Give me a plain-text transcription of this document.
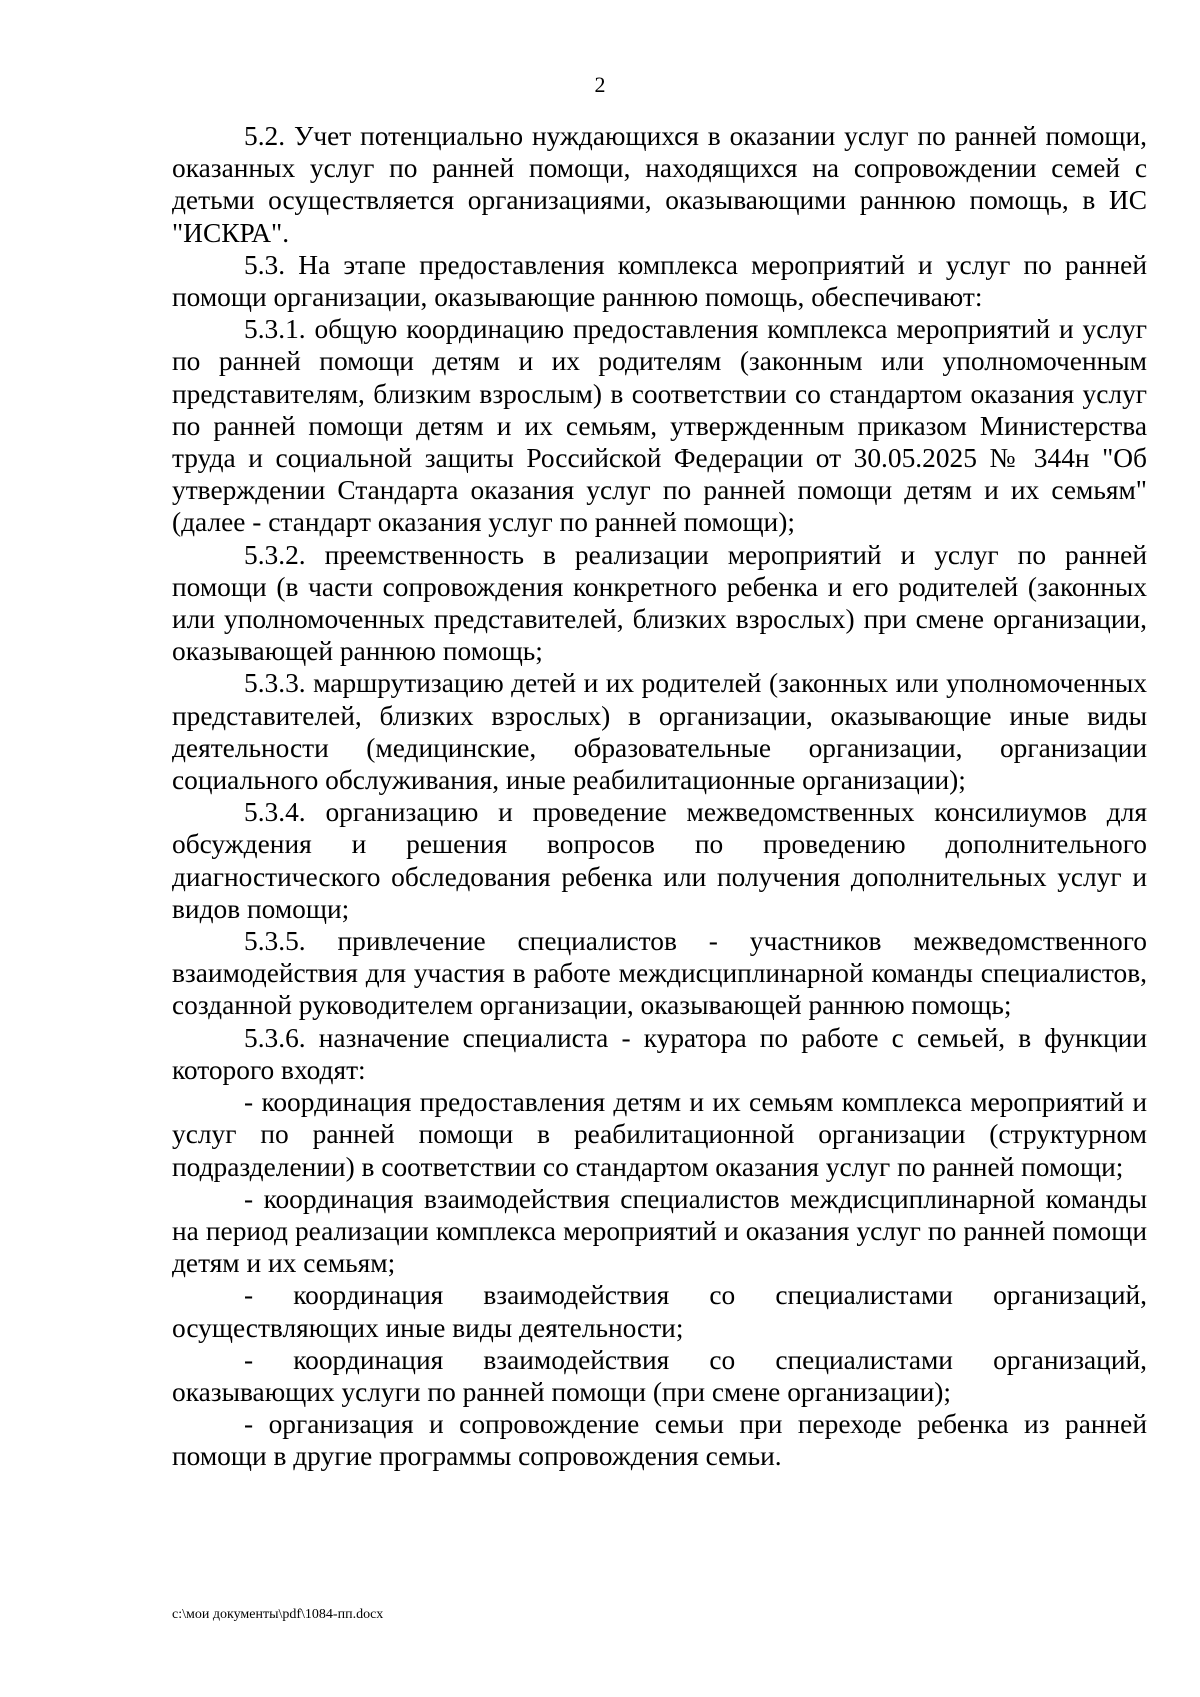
2

5.2. Учет потенциально нуждающихся в оказании услуг по ранней помощи, оказанных услуг по ранней помощи, находящихся на сопровождении семей с детьми осуществляется организациями, оказывающими раннюю помощь, в ИС "ИСКРА".

5.3. На этапе предоставления комплекса мероприятий и услуг по ранней помощи организации, оказывающие раннюю помощь, обеспечивают:

5.3.1. общую координацию предоставления комплекса мероприятий и услуг по ранней помощи детям и их родителям (законным или уполномоченным представителям, близким взрослым) в соответствии со стандартом оказания услуг по ранней помощи детям и их семьям, утвержденным приказом Министерства труда и социальной защиты Российской Федерации от 30.05.2025 № 344н "Об утверждении Стандарта оказания услуг по ранней помощи детям и их семьям" (далее - стандарт оказания услуг по ранней помощи);

5.3.2. преемственность в реализации мероприятий и услуг по ранней помощи (в части сопровождения конкретного ребенка и его родителей (законных или уполномоченных представителей, близких взрослых) при смене организации, оказывающей раннюю помощь;

5.3.3. маршрутизацию детей и их родителей (законных или уполномоченных представителей, близких взрослых) в организации, оказывающие иные виды деятельности (медицинские, образовательные организации, организации социального обслуживания, иные реабилитационные организации);

5.3.4. организацию и проведение межведомственных консилиумов для обсуждения и решения вопросов по проведению дополнительного диагностического обследования ребенка или получения дополнительных услуг и видов помощи;

5.3.5. привлечение специалистов - участников межведомственного взаимодействия для участия в работе междисциплинарной команды специалистов, созданной руководителем организации, оказывающей раннюю помощь;

5.3.6. назначение специалиста - куратора по работе с семьей, в функции которого входят:

- координация предоставления детям и их семьям комплекса мероприятий и услуг по ранней помощи в реабилитационной организации (структурном подразделении) в соответствии со стандартом оказания услуг по ранней помощи;

- координация взаимодействия специалистов междисциплинарной команды на период реализации комплекса мероприятий и оказания услуг по ранней помощи детям и их семьям;

- координация взаимодействия со специалистами организаций, осуществляющих иные виды деятельности;

- координация взаимодействия со специалистами организаций, оказывающих услуги по ранней помощи (при смене организации);

- организация и сопровождение семьи при переходе ребенка из ранней помощи в другие программы сопровождения семьи.

c:\мои документы\pdf\1084-пп.docx
